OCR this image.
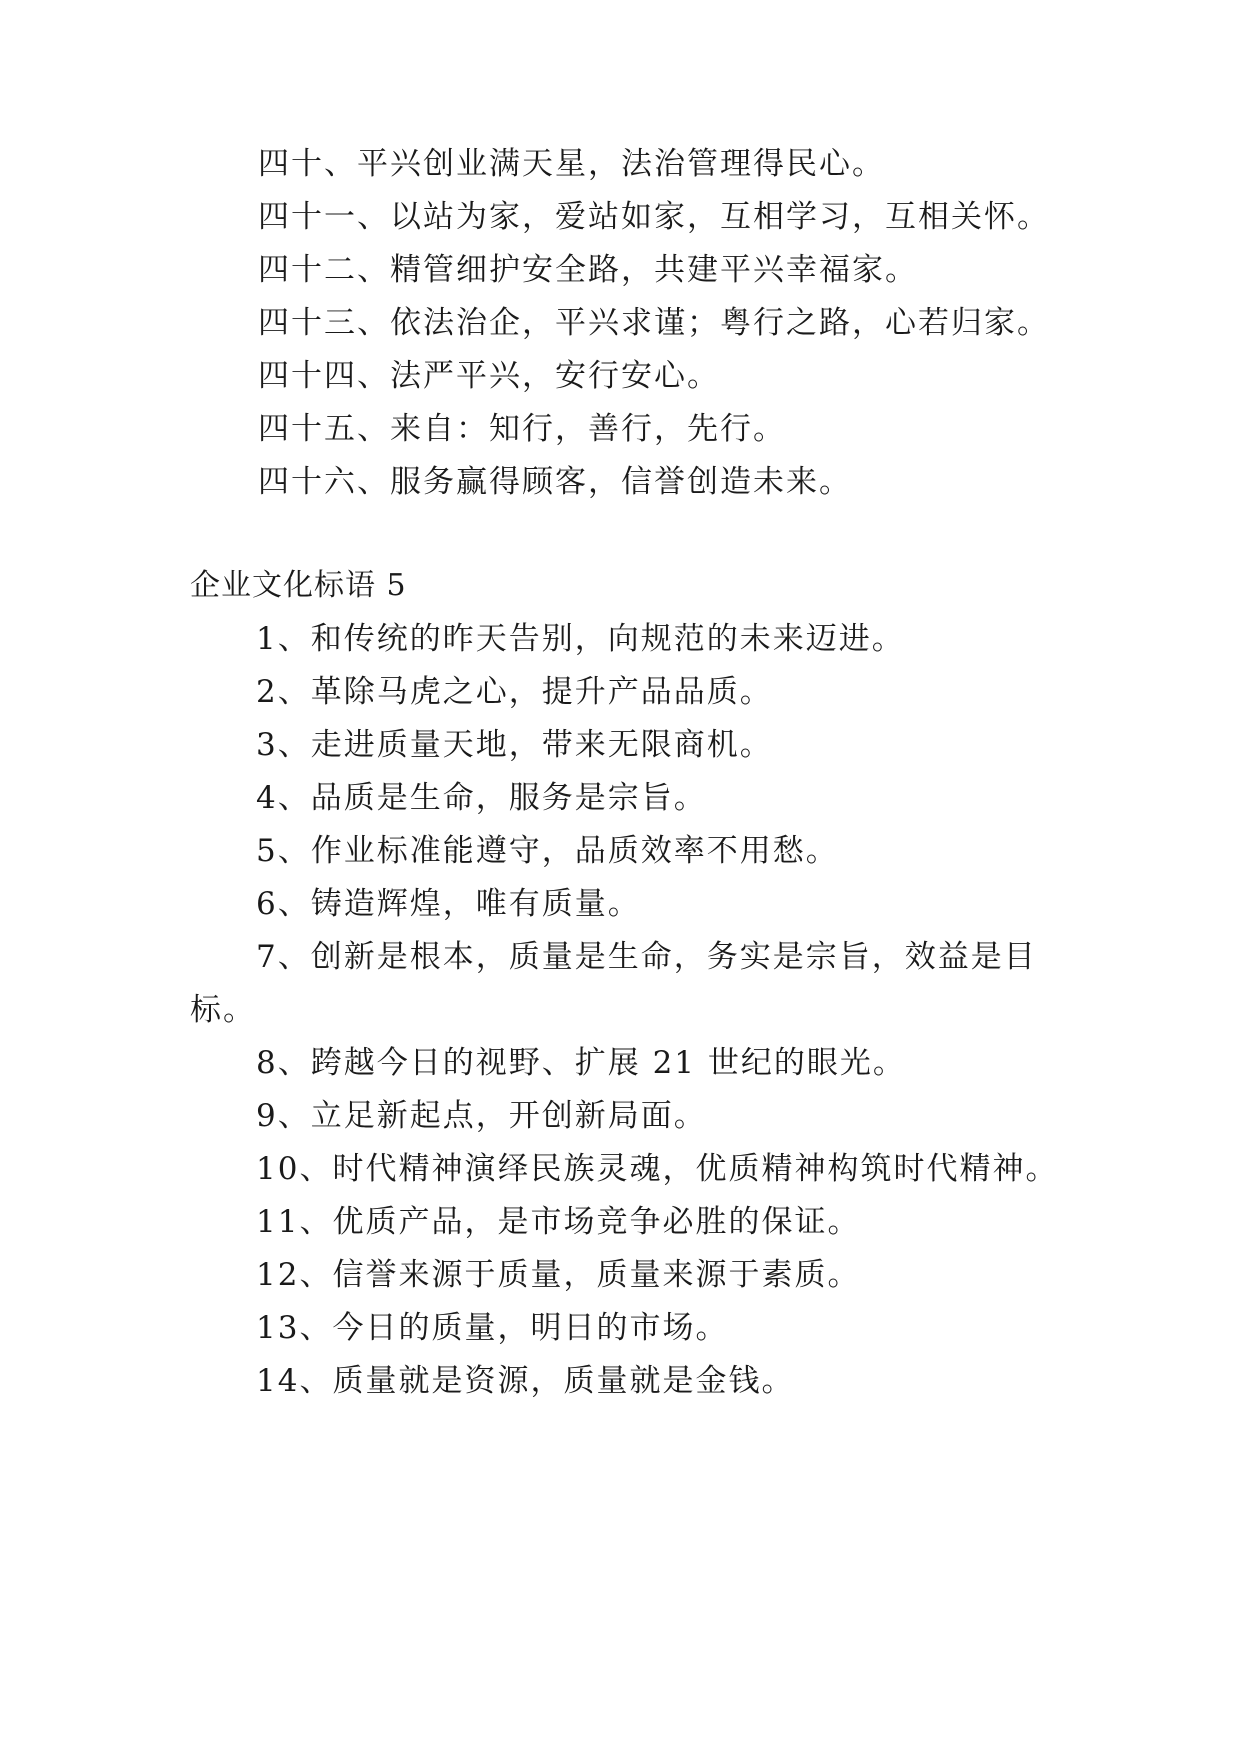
四十、平兴创业满天星，法治管理得民心。
四十一、以站为家，爱站如家，互相学习，互相关怀。
四十二、精管细护安全路，共建平兴幸福家。
四十三、依法治企，平兴求谨；粤行之路，心若归家。
四十四、法严平兴，安行安心。
四十五、来自：知行，善行，先行。
四十六、服务赢得顾客，信誉创造未来。
企业文化标语 5
1、和传统的昨天告别，向规范的未来迈进。
2、革除马虎之心，提升产品品质。
3、走进质量天地，带来无限商机。
4、品质是生命，服务是宗旨。
5、作业标准能遵守，品质效率不用愁。
6、铸造辉煌，唯有质量。
7、创新是根本，质量是生命，务实是宗旨，效益是目
标。
8、跨越今日的视野、扩展 21 世纪的眼光。
9、立足新起点，开创新局面。
10、时代精神演绎民族灵魂，优质精神构筑时代精神。
11、优质产品，是市场竞争必胜的保证。
12、信誉来源于质量，质量来源于素质。
13、今日的质量，明日的市场。
14、质量就是资源，质量就是金钱。
